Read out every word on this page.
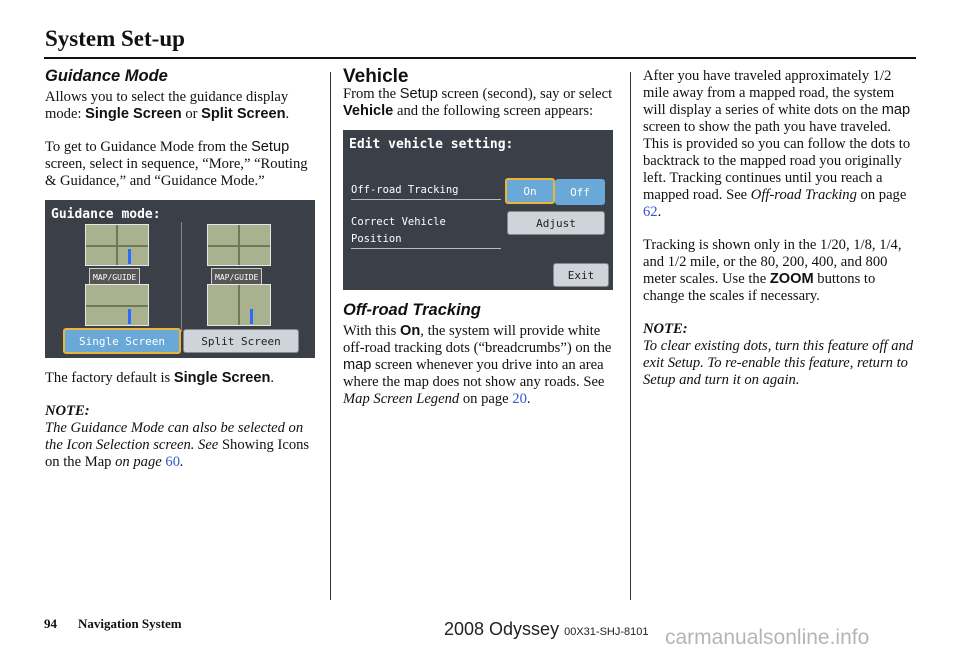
System Set-up
Guidance Mode

Allows you to select the guidance display mode: Single Screen or Split Screen.

To get to Guidance Mode from the Setup screen, select in sequence, “More,” “Routing & Guidance,” and “Guidance Mode.”

Guidance mode:
MAP/GUIDE	MAP/GUIDE
Single Screen	Split Screen

The factory default is Single Screen.

NOTE:

The Guidance Mode can also be selected on the Icon Selection screen. See Showing Icons on the Map on page 60.

Vehicle

From the Setup screen (second), say or select Vehicle and the following screen appears:

Edit vehicle setting:
Off-road Tracking	On	Off
Correct Vehicle Position
Adjust
Exit
Off-road Tracking

With this On, the system will provide white off-road tracking dots (“breadcrumbs”) on the map screen whenever you drive into an area where the map does not show any roads. See Map Screen Legend on page 20.

After you have traveled approximately 1/2 mile away from a mapped road, the system will display a series of white dots on the map screen to show the path you have traveled. This is provided so you can follow the dots to backtrack to the mapped road you originally left. Tracking continues until you reach a mapped road. See Off-road Tracking on page 62.

Tracking is shown only in the 1/20, 1/8, 1/4, and 1/2 mile, or the 80, 200, 400, and 800 meter scales. Use the ZOOM buttons to change the scales if necessary.

NOTE:

To clear existing dots, turn this feature off and exit Setup. To re-enable this feature, return to Setup and turn it on again.

94 Navigation System	2008 Odyssey 00X31-SHJ-8101 carmanualsonline.info
